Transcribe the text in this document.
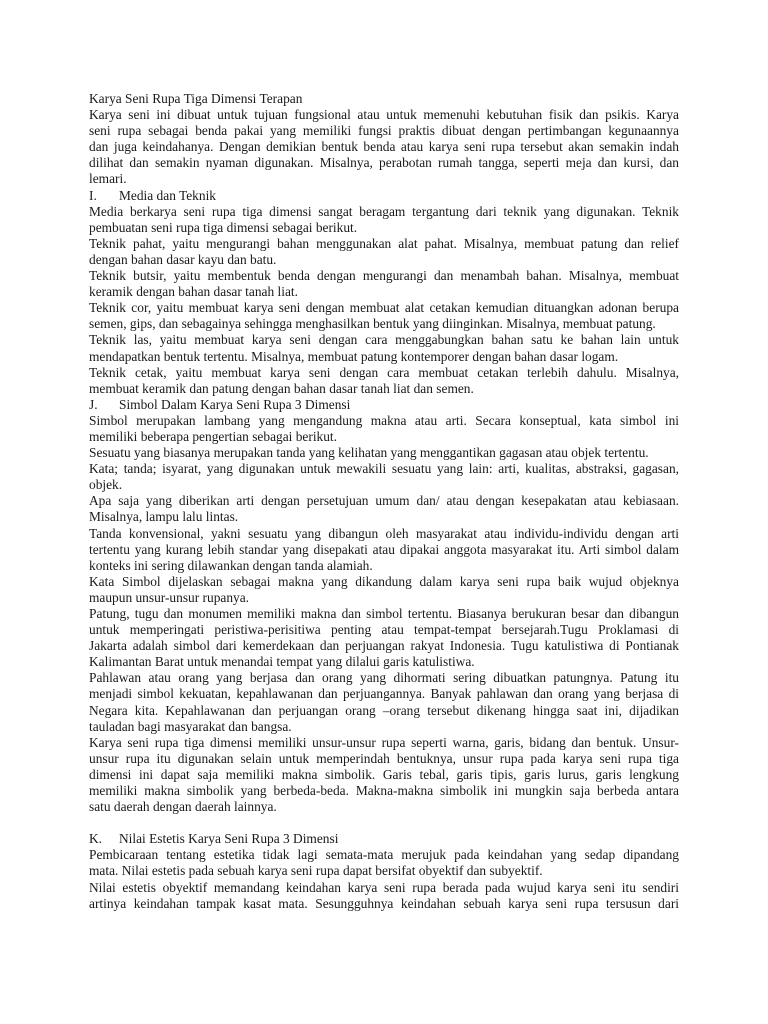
Karya Seni Rupa Tiga Dimensi Terapan
Karya seni ini dibuat untuk tujuan fungsional atau untuk memenuhi kebutuhan fisik dan psikis. Karya
seni rupa sebagai benda pakai yang memiliki fungsi praktis dibuat dengan pertimbangan kegunaannya
dan juga keindahanya. Dengan demikian bentuk benda atau karya seni rupa tersebut akan semakin indah
dilihat dan semakin nyaman digunakan. Misalnya, perabotan rumah tangga, seperti meja dan kursi, dan
lemari.
I. Media dan Teknik
Media berkarya seni rupa tiga dimensi sangat beragam tergantung dari teknik yang digunakan. Teknik
pembuatan seni rupa tiga dimensi sebagai berikut.
Teknik pahat, yaitu mengurangi bahan menggunakan alat pahat. Misalnya, membuat patung dan relief
dengan bahan dasar kayu dan batu.
Teknik butsir, yaitu membentuk benda dengan mengurangi dan menambah bahan. Misalnya, membuat
keramik dengan bahan dasar tanah liat.
Teknik cor, yaitu membuat karya seni dengan membuat alat cetakan kemudian dituangkan adonan berupa
semen, gips, dan sebagainya sehingga menghasilkan bentuk yang diinginkan. Misalnya, membuat patung.
Teknik las, yaitu membuat karya seni dengan cara menggabungkan bahan satu ke bahan lain untuk
mendapatkan bentuk tertentu. Misalnya, membuat patung kontemporer dengan bahan dasar logam.
Teknik cetak, yaitu membuat karya seni dengan cara membuat cetakan terlebih dahulu. Misalnya,
membuat keramik dan patung dengan bahan dasar tanah liat dan semen.
J. Simbol Dalam Karya Seni Rupa 3 Dimensi
Simbol merupakan lambang yang mengandung makna atau arti. Secara konseptual, kata simbol ini
memiliki beberapa pengertian sebagai berikut.
Sesuatu yang biasanya merupakan tanda yang kelihatan yang menggantikan gagasan atau objek tertentu.
Kata; tanda; isyarat, yang digunakan untuk mewakili sesuatu yang lain: arti, kualitas, abstraksi, gagasan,
objek.
Apa saja yang diberikan arti dengan persetujuan umum dan/ atau dengan kesepakatan atau kebiasaan.
Misalnya, lampu lalu lintas.
Tanda konvensional, yakni sesuatu yang dibangun oleh masyarakat atau individu-individu dengan arti
tertentu yang kurang lebih standar yang disepakati atau dipakai anggota masyarakat itu. Arti simbol dalam
konteks ini sering dilawankan dengan tanda alamiah.
Kata Simbol dijelaskan sebagai makna yang dikandung dalam karya seni rupa baik wujud objeknya
maupun unsur-unsur rupanya.
Patung, tugu dan monumen memiliki makna dan simbol tertentu. Biasanya berukuran besar dan dibangun
untuk memperingati peristiwa-perisitiwa penting atau tempat-tempat bersejarah.Tugu Proklamasi di
Jakarta adalah simbol dari kemerdekaan dan perjuangan rakyat Indonesia. Tugu katulistiwa di Pontianak
Kalimantan Barat untuk menandai tempat yang dilalui garis katulistiwa.
Pahlawan atau orang yang berjasa dan orang yang dihormati sering dibuatkan patungnya. Patung itu
menjadi simbol kekuatan, kepahlawanan dan perjuangannya. Banyak pahlawan dan orang yang berjasa di
Negara kita. Kepahlawanan dan perjuangan orang –orang tersebut dikenang hingga saat ini, dijadikan
tauladan bagi masyarakat dan bangsa.
Karya seni rupa tiga dimensi memiliki unsur-unsur rupa seperti warna, garis, bidang dan bentuk. Unsur-
unsur rupa itu digunakan selain untuk memperindah bentuknya, unsur rupa pada karya seni rupa tiga
dimensi ini dapat saja memiliki makna simbolik. Garis tebal, garis tipis, garis lurus, garis lengkung
memiliki makna simbolik yang berbeda-beda. Makna-makna simbolik ini mungkin saja berbeda antara
satu daerah dengan daerah lainnya.
K. Nilai Estetis Karya Seni Rupa 3 Dimensi
Pembicaraan tentang estetika tidak lagi semata-mata merujuk pada keindahan yang sedap dipandang
mata. Nilai estetis pada sebuah karya seni rupa dapat bersifat obyektif dan subyektif.
Nilai estetis obyektif memandang keindahan karya seni rupa berada pada wujud karya seni itu sendiri
artinya keindahan tampak kasat mata. Sesungguhnya keindahan sebuah karya seni rupa tersusun dari
